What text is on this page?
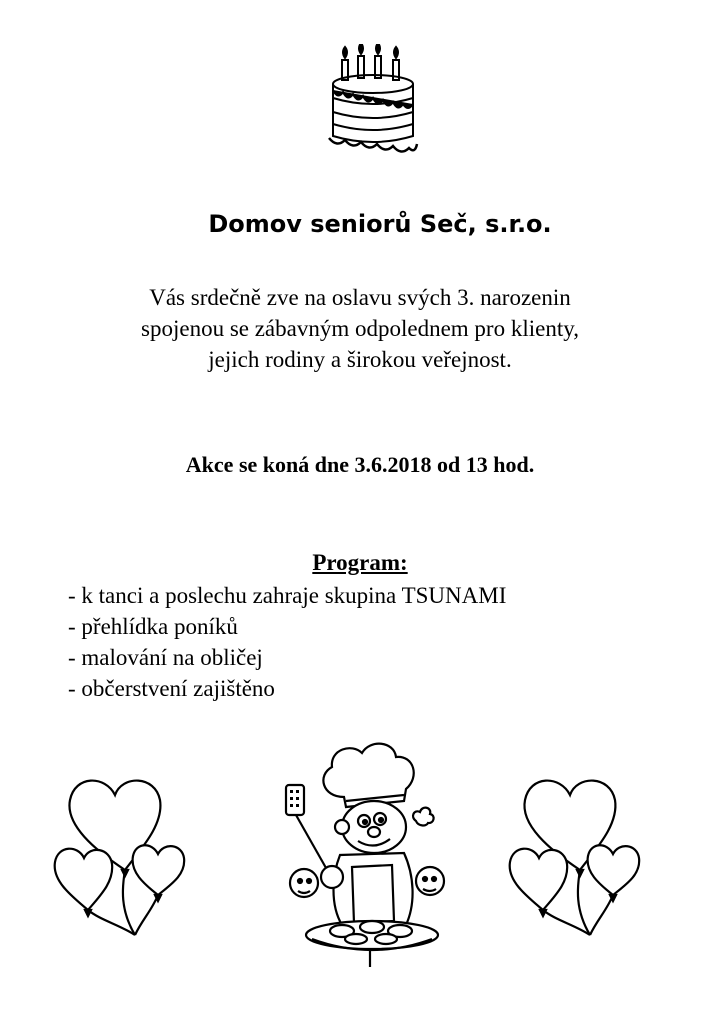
Domov seniorů Seč, s.r.o.
Vás srdečně zve na oslavu svých 3. narozenin
spojenou se zábavným odpolednem pro klienty,
jejich rodiny a širokou veřejnost.
Akce se koná dne 3.6.2018 od 13 hod.
Program:
- k tanci a poslechu zahraje skupina TSUNAMI
- přehlídka poníků
- malování na obličej
- občerstvení zajištěno
